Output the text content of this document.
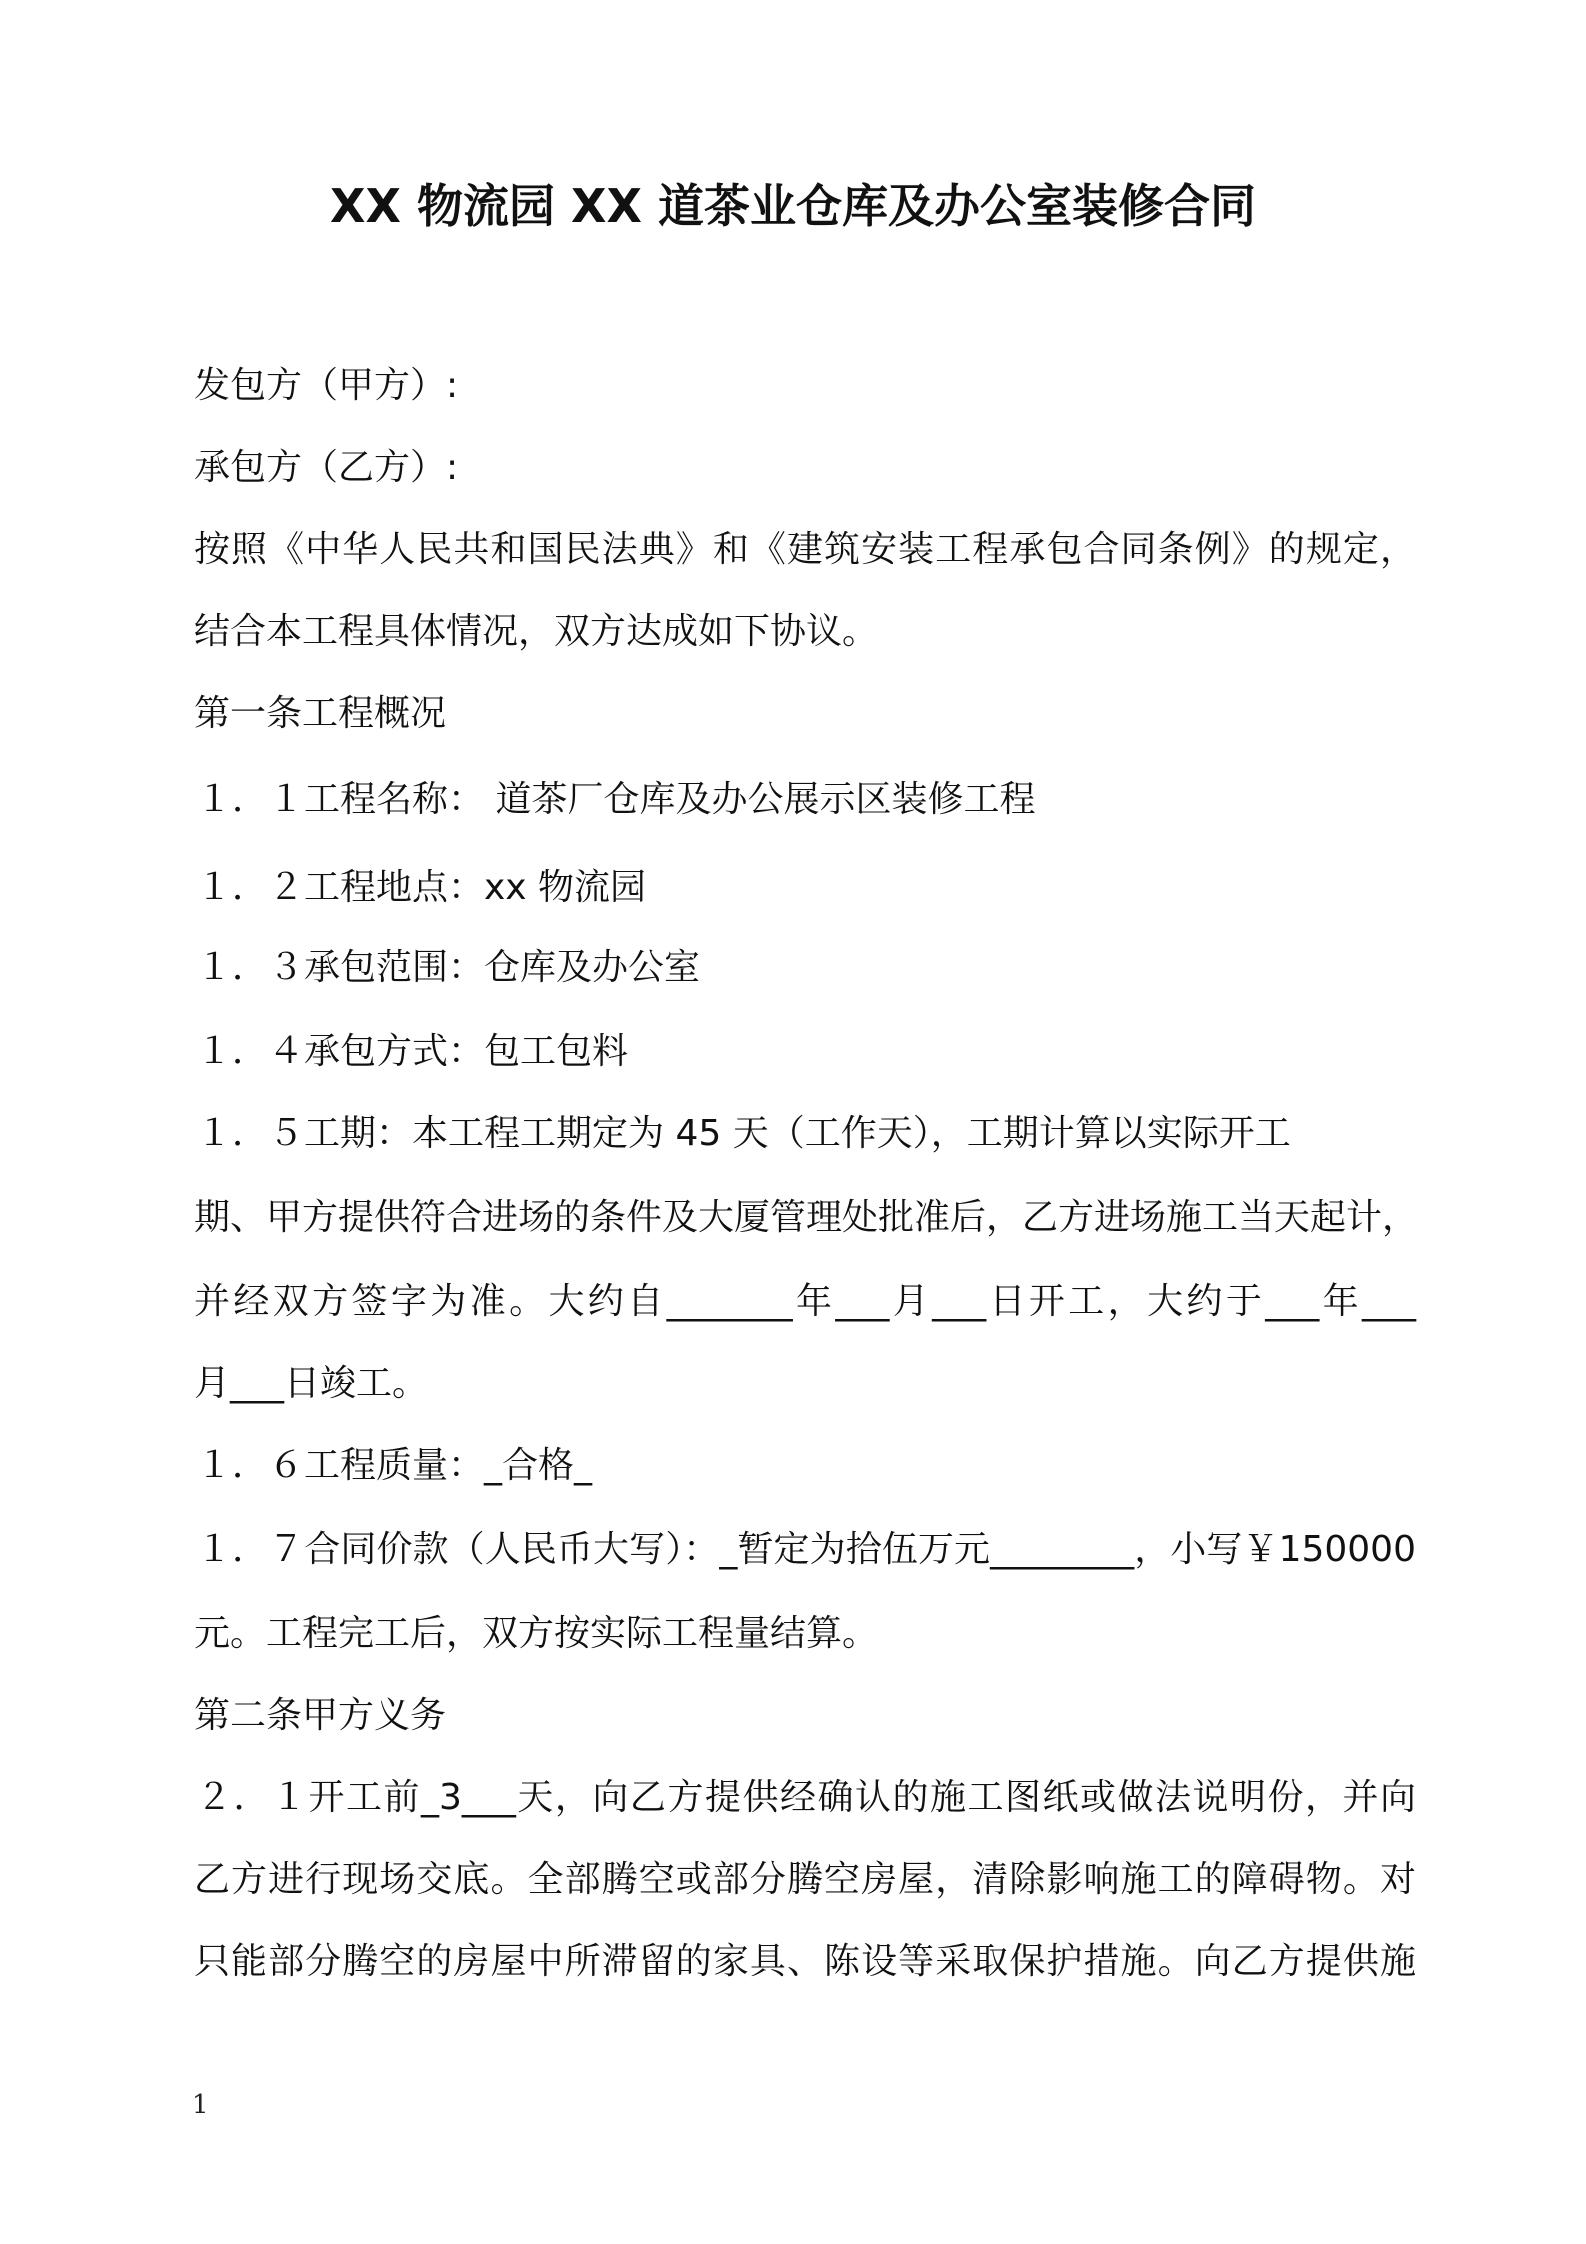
XX 物流园 XX 道茶业仓库及办公室装修合同
发包方（甲方）:
承包方（乙方）:
按照《中华人民共和国民法典》和《建筑安装工程承包合同条例》的规定，
结合本工程具体情况，双方达成如下协议。
第一条工程概况
１．１工程名称： 道茶厂仓库及办公展示区装修工程
１．２工程地点：xx 物流园
１．３承包范围：仓库及办公室
１．４承包方式：包工包料
１．５工期：本工程工期定为 45 天（工作天），工期计算以实际开工
期、甲方提供符合进场的条件及大厦管理处批准后，乙方进场施工当天起计，
并经双方签字为准。大约自_______年___月___日开工，大约于___年___
月___日竣工。
１．６工程质量：_合格_
１．７合同价款（人民币大写）：_暂定为拾伍万元________，小写￥150000
元。工程完工后，双方按实际工程量结算。
第二条甲方义务
２．１开工前_3___天，向乙方提供经确认的施工图纸或做法说明份，并向
乙方进行现场交底。全部腾空或部分腾空房屋，清除影响施工的障碍物。对
只能部分腾空的房屋中所滞留的家具、陈设等采取保护措施。向乙方提供施
1
